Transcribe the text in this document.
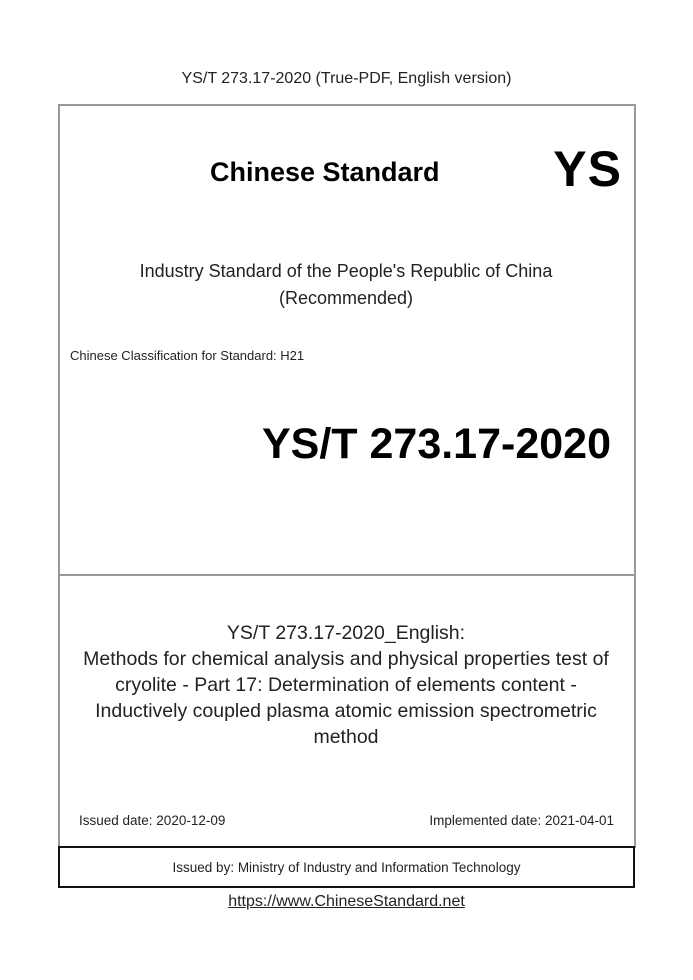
YS/T 273.17-2020 (True-PDF, English version)
Chinese Standard YS
Industry Standard of the People's Republic of China
(Recommended)
Chinese Classification for Standard: H21
YS/T 273.17-2020
YS/T 273.17-2020_English:
Methods for chemical analysis and physical properties test of
cryolite - Part 17: Determination of elements content -
Inductively coupled plasma atomic emission spectrometric
method
Issued date: 2020-12-09	Implemented date: 2021-04-01
Issued by: Ministry of Industry and Information Technology
https://www.ChineseStandard.net
